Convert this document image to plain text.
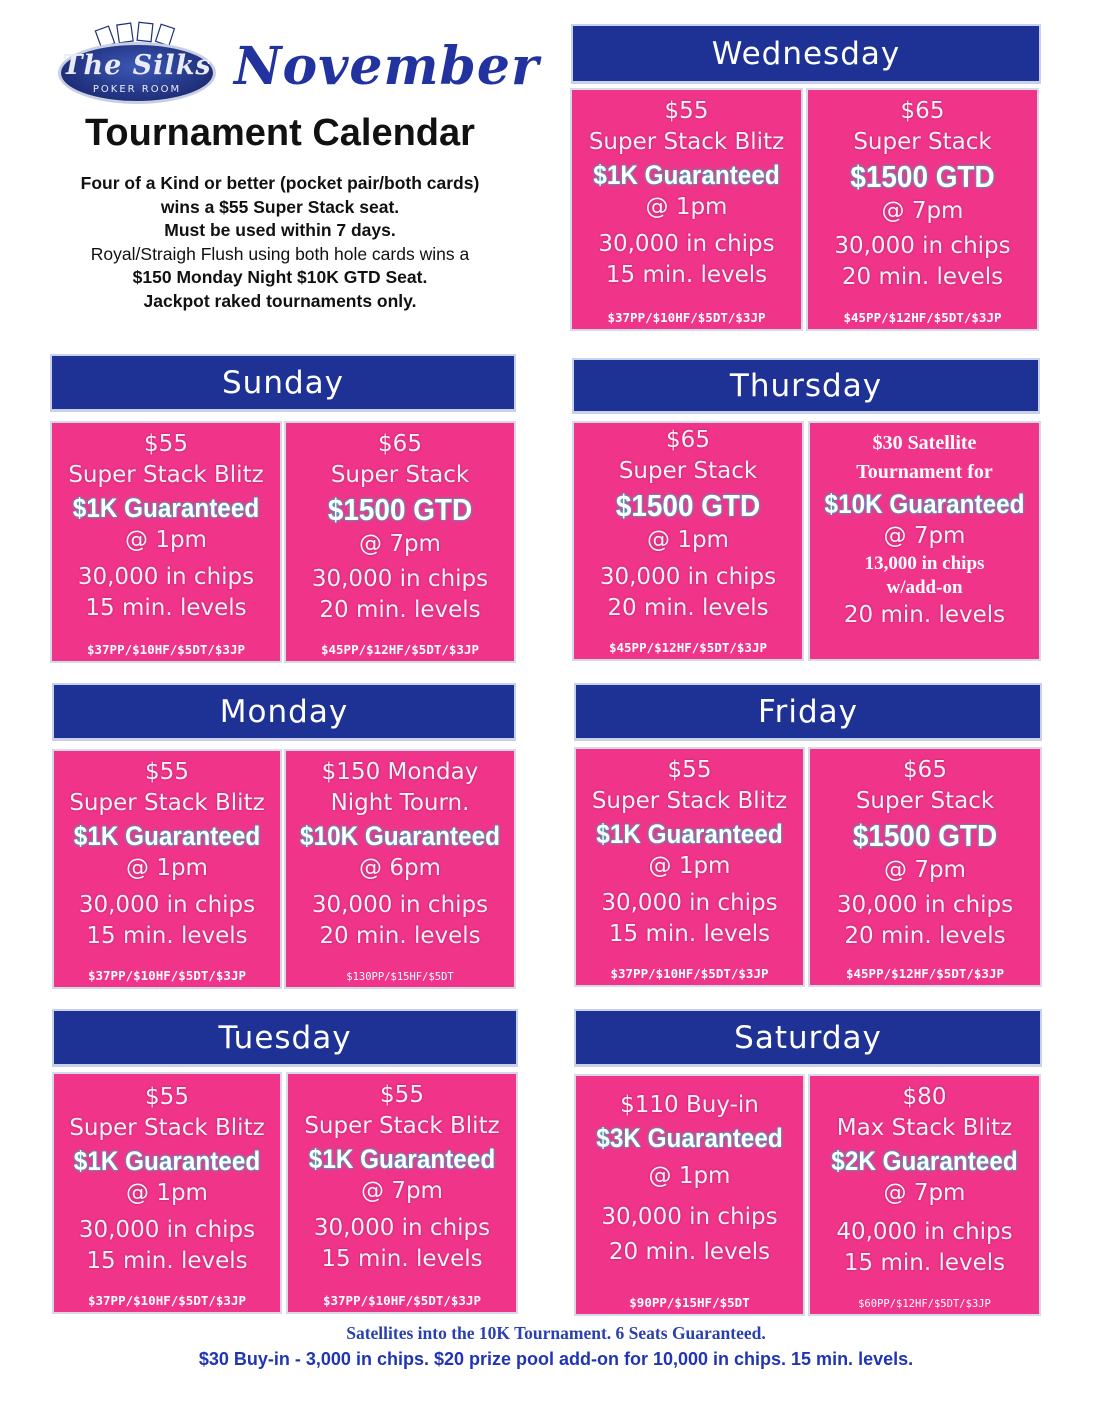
The Silks
POKER ROOM	November
Tournament Calendar
Four of a Kind or better (pocket pair/both cards)
wins a $55 Super Stack seat.
Must be used within 7 days.
Royal/Straigh Flush using both hole cards wins a
$150 Monday Night $10K GTD Seat.
Jackpot raked tournaments only.
Wednesday
$55
Super Stack Blitz
$1K Guaranteed
@ 1pm
30,000 in chips
15 min. levels
$37PP/$10HF/$5DT/$3JP
$65
Super Stack
$1500 GTD
@ 7pm
30,000 in chips
20 min. levels
$45PP/$12HF/$5DT/$3JP
Sunday
$55
Super Stack Blitz
$1K Guaranteed
@ 1pm
30,000 in chips
15 min. levels
$37PP/$10HF/$5DT/$3JP
$65
Super Stack
$1500 GTD
@ 7pm
30,000 in chips
20 min. levels
$45PP/$12HF/$5DT/$3JP
Thursday
$65
Super Stack
$1500 GTD
@ 1pm
30,000 in chips
20 min. levels
$45PP/$12HF/$5DT/$3JP
$30 Satellite
Tournament for
$10K Guaranteed
@ 7pm
13,000 in chips
w/add-on
20 min. levels
Monday
$55
Super Stack Blitz
$1K Guaranteed
@ 1pm
30,000 in chips
15 min. levels
$37PP/$10HF/$5DT/$3JP
$150 Monday
Night Tourn.
$10K Guaranteed
@ 6pm
30,000 in chips
20 min. levels
$130PP/$15HF/$5DT
Friday
$55
Super Stack Blitz
$1K Guaranteed
@ 1pm
30,000 in chips
15 min. levels
$37PP/$10HF/$5DT/$3JP
$65
Super Stack
$1500 GTD
@ 7pm
30,000 in chips
20 min. levels
$45PP/$12HF/$5DT/$3JP
Tuesday
$55
Super Stack Blitz
$1K Guaranteed
@ 1pm
30,000 in chips
15 min. levels
$37PP/$10HF/$5DT/$3JP
$55
Super Stack Blitz
$1K Guaranteed
@ 7pm
30,000 in chips
15 min. levels
$37PP/$10HF/$5DT/$3JP
Saturday
$110 Buy-in
$3K Guaranteed
@ 1pm
30,000 in chips
20 min. levels
$90PP/$15HF/$5DT
$80
Max Stack Blitz
$2K Guaranteed
@ 7pm
40,000 in chips
15 min. levels
$60PP/$12HF/$5DT/$3JP
Satellites into the 10K Tournament. 6 Seats Guaranteed.
$30 Buy-in - 3,000 in chips. $20 prize pool add-on for 10,000 in chips. 15 min. levels.
